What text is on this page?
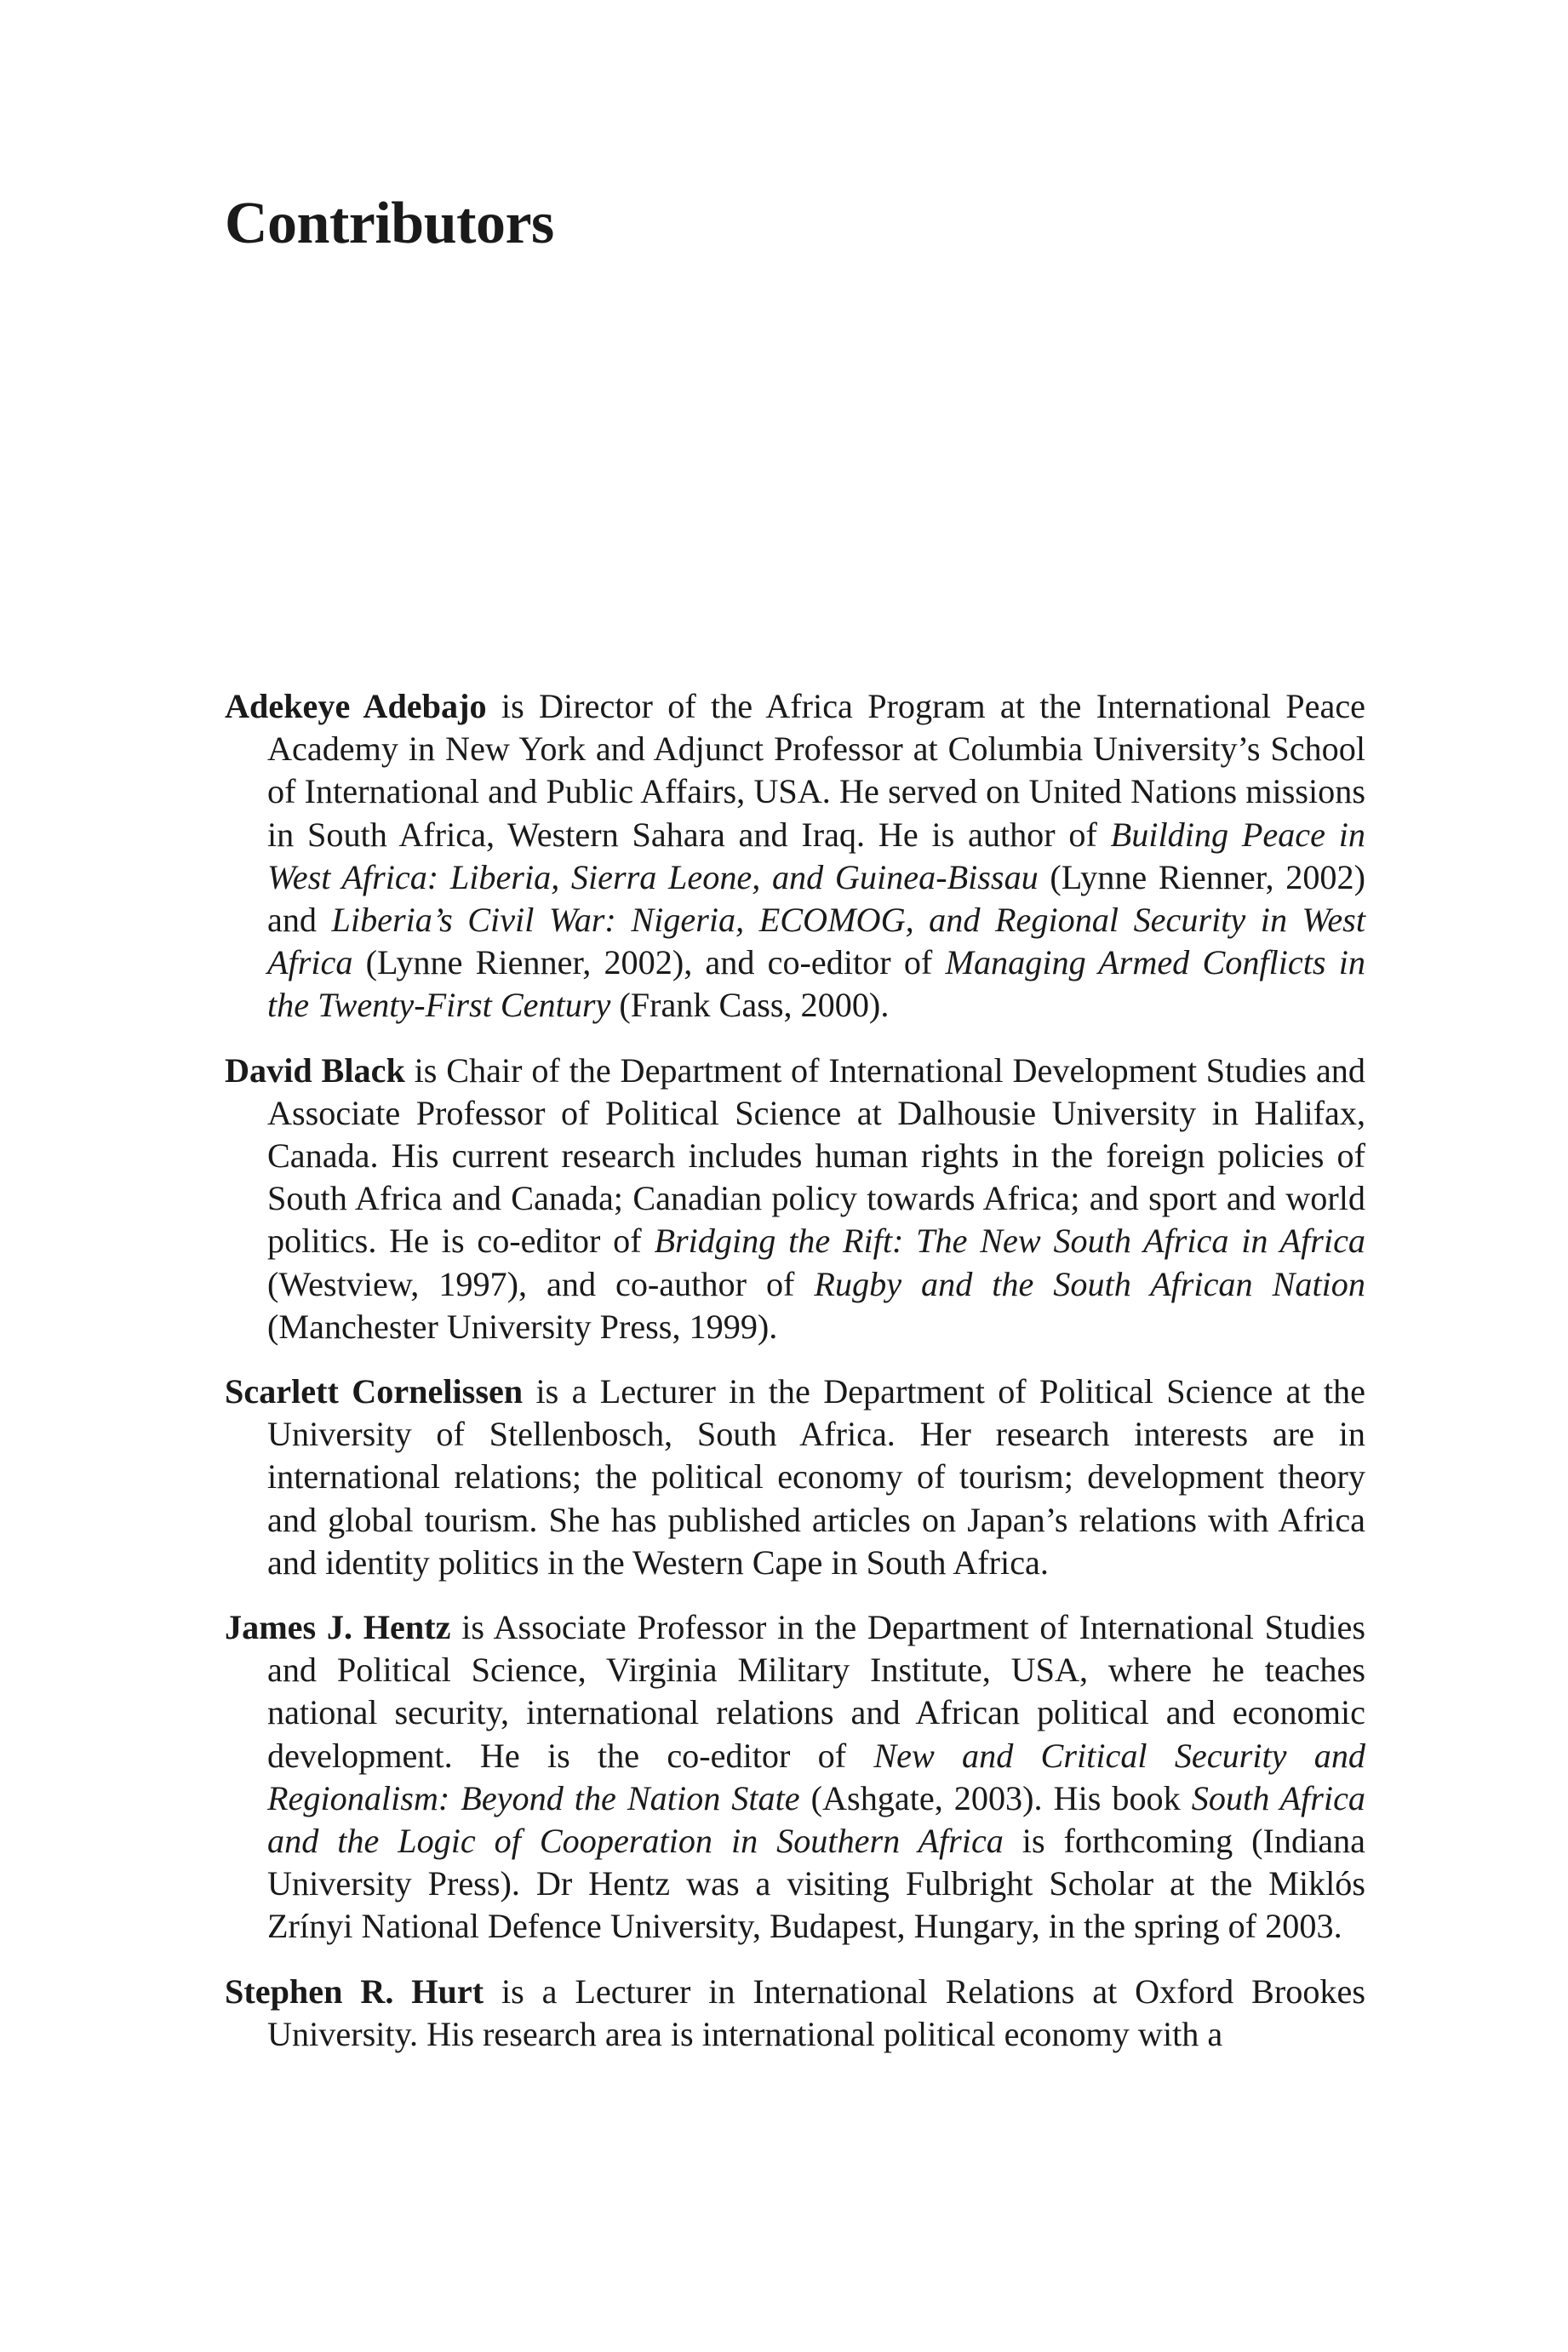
Contributors

Adekeye Adebajo is Director of the Africa Program at the International Peace Academy in New York and Adjunct Professor at Columbia University’s School of International and Public Affairs, USA. He served on United Nations missions in South Africa, Western Sahara and Iraq. He is author of Building Peace in West Africa: Liberia, Sierra Leone, and Guinea-Bissau (Lynne Rienner, 2002) and Liberia’s Civil War: Nigeria, ECOMOG, and Regional Security in West Africa (Lynne Rienner, 2002), and co-editor of Managing Armed Conflicts in the Twenty-First Century (Frank Cass, 2000).

David Black is Chair of the Department of International Development Studies and Associate Professor of Political Science at Dalhousie University in Halifax, Canada. His current research includes human rights in the foreign policies of South Africa and Canada; Canadian policy towards Africa; and sport and world politics. He is co-editor of Bridging the Rift: The New South Africa in Africa (Westview, 1997), and co-author of Rugby and the South African Nation (Manchester University Press, 1999).

Scarlett Cornelissen is a Lecturer in the Department of Political Science at the University of Stellenbosch, South Africa. Her research interests are in international relations; the political economy of tourism; development theory and global tourism. She has published articles on Japan’s relations with Africa and identity politics in the Western Cape in South Africa.

James J. Hentz is Associate Professor in the Department of International Studies and Political Science, Virginia Military Institute, USA, where he teaches national security, international relations and African political and economic development. He is the co-editor of New and Critical Security and Regionalism: Beyond the Nation State (Ashgate, 2003). His book South Africa and the Logic of Cooperation in Southern Africa is forthcoming (Indiana University Press). Dr Hentz was a visiting Fulbright Scholar at the Miklós Zrínyi National Defence University, Budapest, Hungary, in the spring of 2003.

Stephen R. Hurt is a Lecturer in International Relations at Oxford Brookes University. His research area is international political economy with a
